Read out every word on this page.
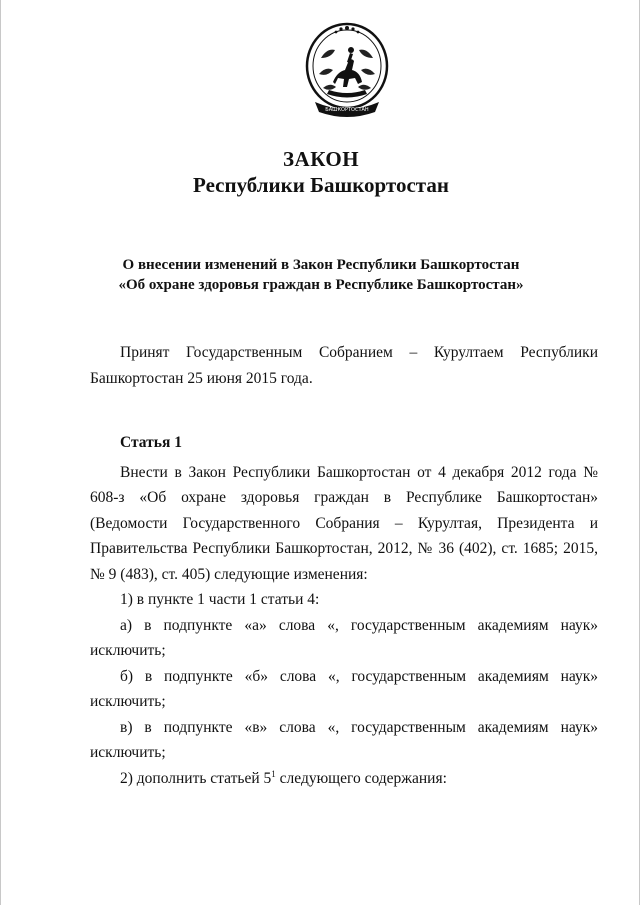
БАШКОРТОСТАН
ЗАКОН
Республики Башкортостан
О внесении изменений в Закон Республики Башкортостан
«Об охране здоровья граждан в Республике Башкортостан»

Принят Государственным Собранием – Курултаем Республики Башкортостан 25 июня 2015 года.

Статья 1

Внести в Закон Республики Башкортостан от 4 декабря 2012 года № 608-з «Об охране здоровья граждан в Республике Башкортостан» (Ведомости Государственного Собрания – Курултая, Президента и Правительства Республики Башкортостан, 2012, № 36 (402), ст. 1685; 2015, № 9 (483), ст. 405) следующие изменения:

1) в пункте 1 части 1 статьи 4:

а) в подпункте «а» слова «, государственным академиям наук» исключить;

б) в подпункте «б» слова «, государственным академиям наук» исключить;

в) в подпункте «в» слова «, государственным академиям наук» исключить;

2) дополнить статьей $5^1$ следующего содержания:
